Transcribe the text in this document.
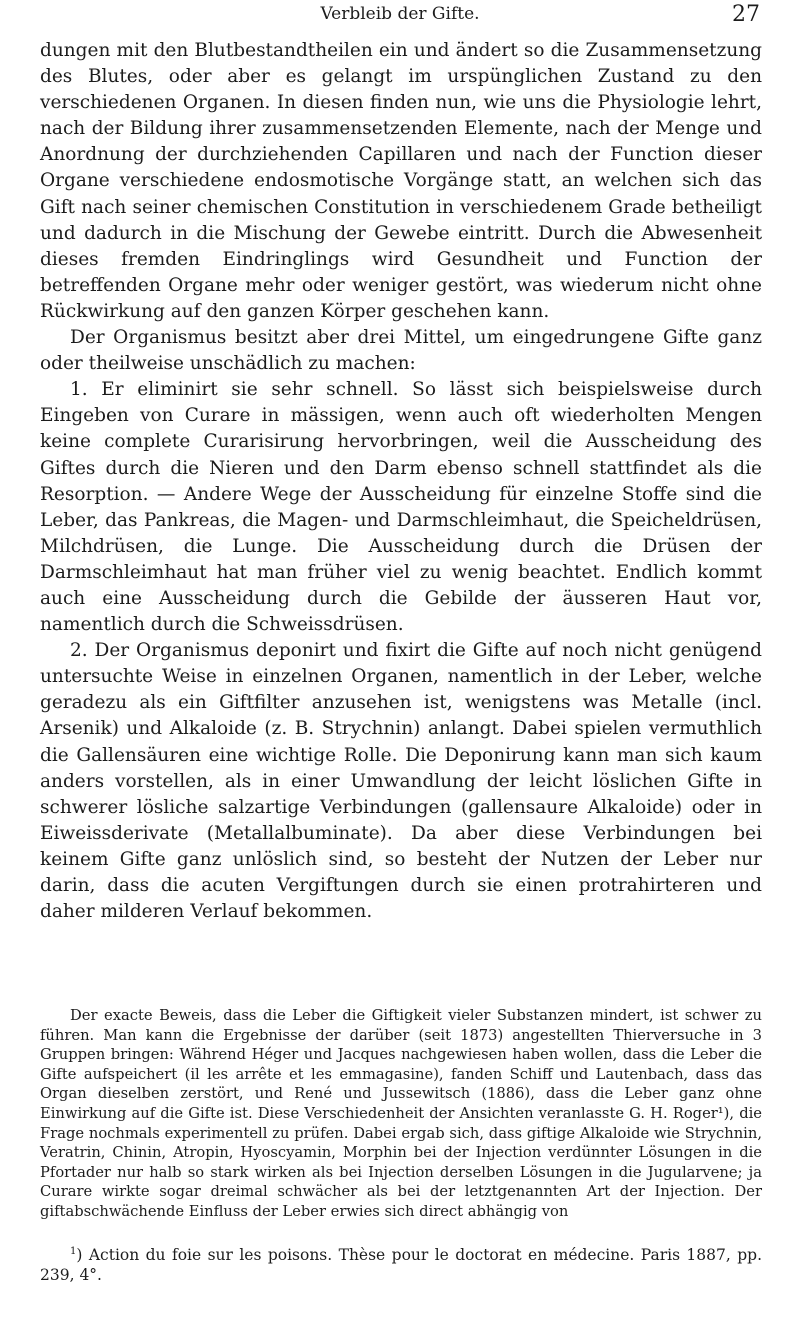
Verbleib der Gifte.	27

dungen mit den Blutbestandtheilen ein und ändert so die Zusammensetzung des Blutes, oder aber es gelangt im urspünglichen Zustand zu den verschiedenen Organen. In diesen finden nun, wie uns die Physiologie lehrt, nach der Bildung ihrer zusammensetzenden Elemente, nach der Menge und Anordnung der durchziehenden Capillaren und nach der Function dieser Organe verschiedene endosmotische Vorgänge statt, an welchen sich das Gift nach seiner chemischen Constitution in verschiedenem Grade betheiligt und dadurch in die Mischung der Gewebe eintritt. Durch die Abwesenheit dieses fremden Eindringlings wird Gesundheit und Function der betreffenden Organe mehr oder weniger gestört, was wiederum nicht ohne Rückwirkung auf den ganzen Körper geschehen kann.

Der Organismus besitzt aber drei Mittel, um eingedrungene Gifte ganz oder theilweise unschädlich zu machen:

1. Er eliminirt sie sehr schnell. So lässt sich beispielsweise durch Eingeben von Curare in mässigen, wenn auch oft wiederholten Mengen keine complete Curarisirung hervorbringen, weil die Ausscheidung des Giftes durch die Nieren und den Darm ebenso schnell stattfindet als die Resorption. — Andere Wege der Ausscheidung für einzelne Stoffe sind die Leber, das Pankreas, die Magen- und Darmschleimhaut, die Speicheldrüsen, Milchdrüsen, die Lunge. Die Ausscheidung durch die Drüsen der Darmschleimhaut hat man früher viel zu wenig beachtet. Endlich kommt auch eine Ausscheidung durch die Gebilde der äusseren Haut vor, namentlich durch die Schweissdrüsen.

2. Der Organismus deponirt und fixirt die Gifte auf noch nicht genügend untersuchte Weise in einzelnen Organen, namentlich in der Leber, welche geradezu als ein Giftfilter anzusehen ist, wenigstens was Metalle (incl. Arsenik) und Alkaloide (z. B. Strychnin) anlangt. Dabei spielen vermuthlich die Gallensäuren eine wichtige Rolle. Die Deponirung kann man sich kaum anders vorstellen, als in einer Umwandlung der leicht löslichen Gifte in schwerer lösliche salzartige Verbindungen (gallensaure Alkaloide) oder in Eiweissderivate (Metallalbuminate). Da aber diese Verbindungen bei keinem Gifte ganz unlöslich sind, so besteht der Nutzen der Leber nur darin, dass die acuten Vergiftungen durch sie einen protrahirteren und daher milderen Verlauf bekommen.

Der exacte Beweis, dass die Leber die Giftigkeit vieler Substanzen mindert, ist schwer zu führen. Man kann die Ergebnisse der darüber (seit 1873) angestellten Thierversuche in 3 Gruppen bringen: Während Héger und Jacques nachgewiesen haben wollen, dass die Leber die Gifte aufspeichert (il les arrête et les emmagasine), fanden Schiff und Lautenbach, dass das Organ dieselben zerstört, und René und Jussewitsch (1886), dass die Leber ganz ohne Einwirkung auf die Gifte ist. Diese Verschiedenheit der Ansichten veranlasste G. H. Roger¹), die Frage nochmals experimentell zu prüfen. Dabei ergab sich, dass giftige Alkaloide wie Strychnin, Veratrin, Chinin, Atropin, Hyoscyamin, Morphin bei der Injection verdünnter Lösungen in die Pfortader nur halb so stark wirken als bei Injection derselben Lösungen in die Jugularvene; ja Curare wirkte sogar dreimal schwächer als bei der letztgenannten Art der Injection. Der giftabschwächende Einfluss der Leber erwies sich direct abhängig von

$^1$) Action du foie sur les poisons. Thèse pour le doctorat en médecine. Paris 1887, pp. 239, 4°.
